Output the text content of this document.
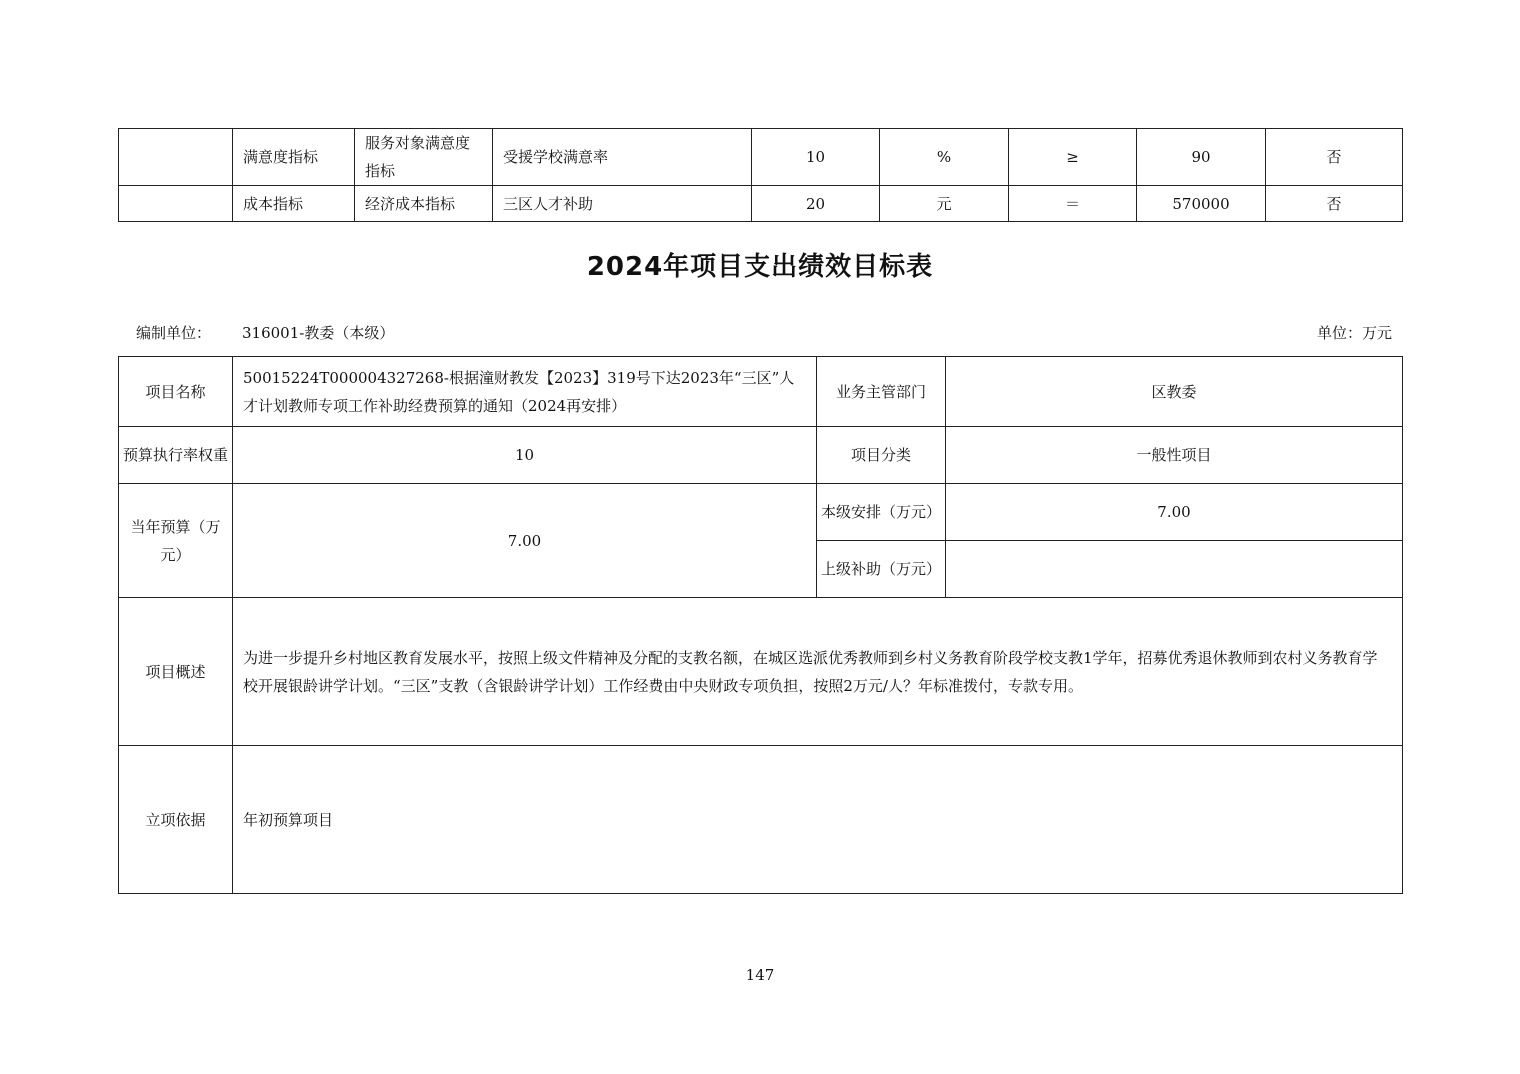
	满意度指标	服务对象满意度指标	受援学校满意率	10	%	≥	90	否
	成本指标	经济成本指标	三区人才补助	20	元	＝	570000	否
2024年项目支出绩效目标表
编制单位： 316001-教委（本级）	单位：万元
项目名称	50015224T000004327268-根据潼财教发【2023】319号下达2023年“三区”人才计划教师专项工作补助经费预算的通知（2024再安排）	业务主管部门	区教委
预算执行率权重	10	项目分类	一般性项目
当年预算（万元）	7.00	本级安排（万元）	7.00
		上级补助（万元）	
项目概述	为进一步提升乡村地区教育发展水平，按照上级文件精神及分配的支教名额，在城区选派优秀教师到乡村义务教育阶段学校支教1学年，招募优秀退休教师到农村义务教育学校开展银龄讲学计划。“三区”支教（含银龄讲学计划）工作经费由中央财政专项负担，按照2万元/人？年标准拨付，专款专用。		
立项依据	年初预算项目		
147
